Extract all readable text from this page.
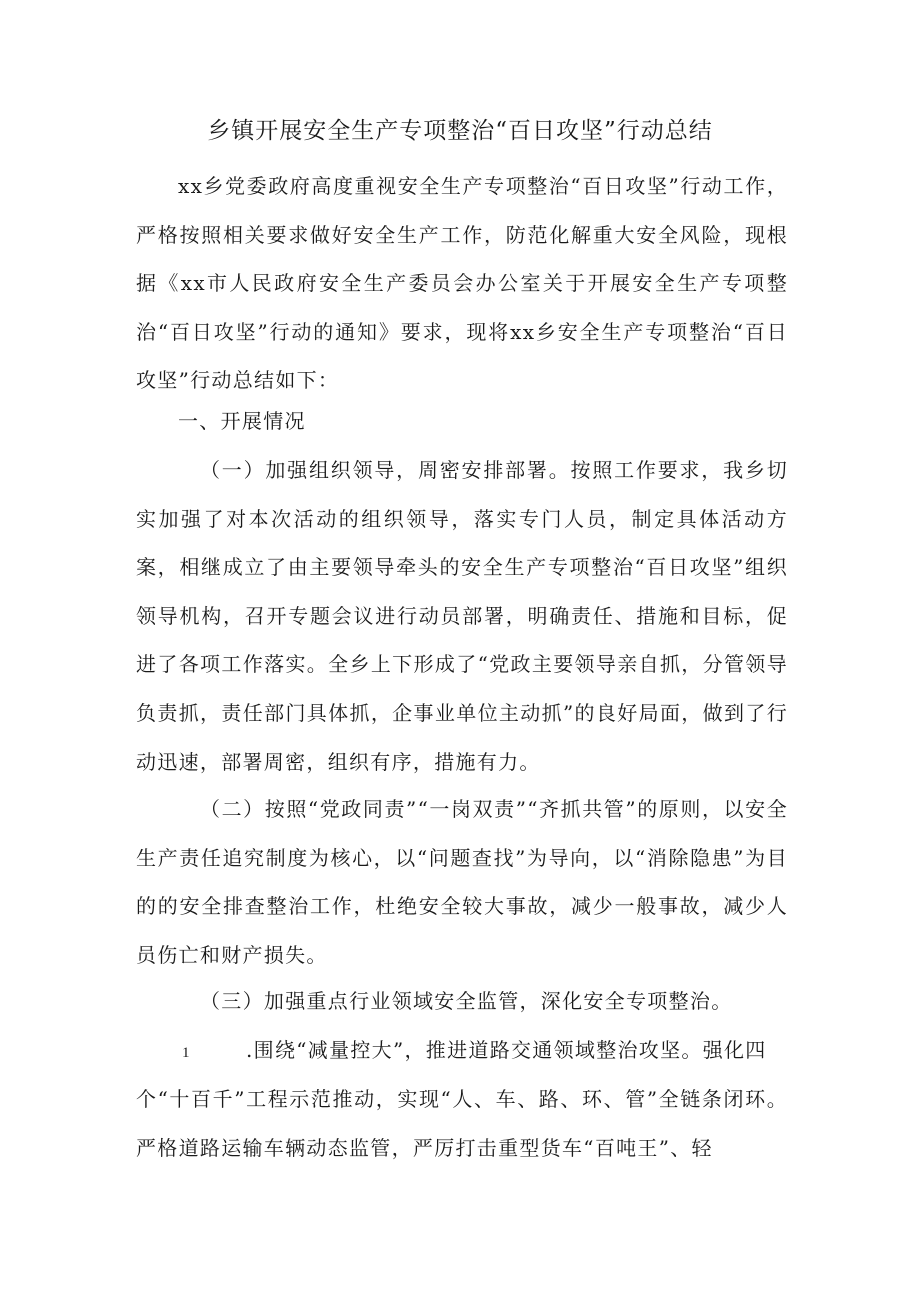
乡镇开展安全生产专项整治“百日攻坚”行动总结

xx乡党委政府高度重视安全生产专项整治“百日攻坚”行动工作，严格按照相关要求做好安全生产工作，防范化解重大安全风险，现根据《xx市人民政府安全生产委员会办公室关于开展安全生产专项整治“百日攻坚”行动的通知》要求，现将xx乡安全生产专项整治“百日攻坚”行动总结如下：

一、开展情况

（一）加强组织领导，周密安排部署。按照工作要求，我乡切实加强了对本次活动的组织领导，落实专门人员，制定具体活动方案，相继成立了由主要领导牵头的安全生产专项整治“百日攻坚”组织领导机构，召开专题会议进行动员部署，明确责任、措施和目标，促进了各项工作落实。全乡上下形成了“党政主要领导亲自抓，分管领导负责抓，责任部门具体抓，企事业单位主动抓”的良好局面，做到了行动迅速，部署周密，组织有序，措施有力。

（二）按照“党政同责”“一岗双责”“齐抓共管”的原则，以安全生产责任追究制度为核心，以“问题查找”为导向，以“消除隐患”为目的的安全排查整治工作，杜绝安全较大事故，减少一般事故，减少人员伤亡和财产损失。

（三）加强重点行业领域安全监管，深化安全专项整治。

1	.围绕“减量控大”，推进道路交通领域整治攻坚。强化四

个“十百千”工程示范推动，实现“人、车、路、环、管”全链条闭环。严格道路运输车辆动态监管，严厉打击重型货车“百吨王”、轻
